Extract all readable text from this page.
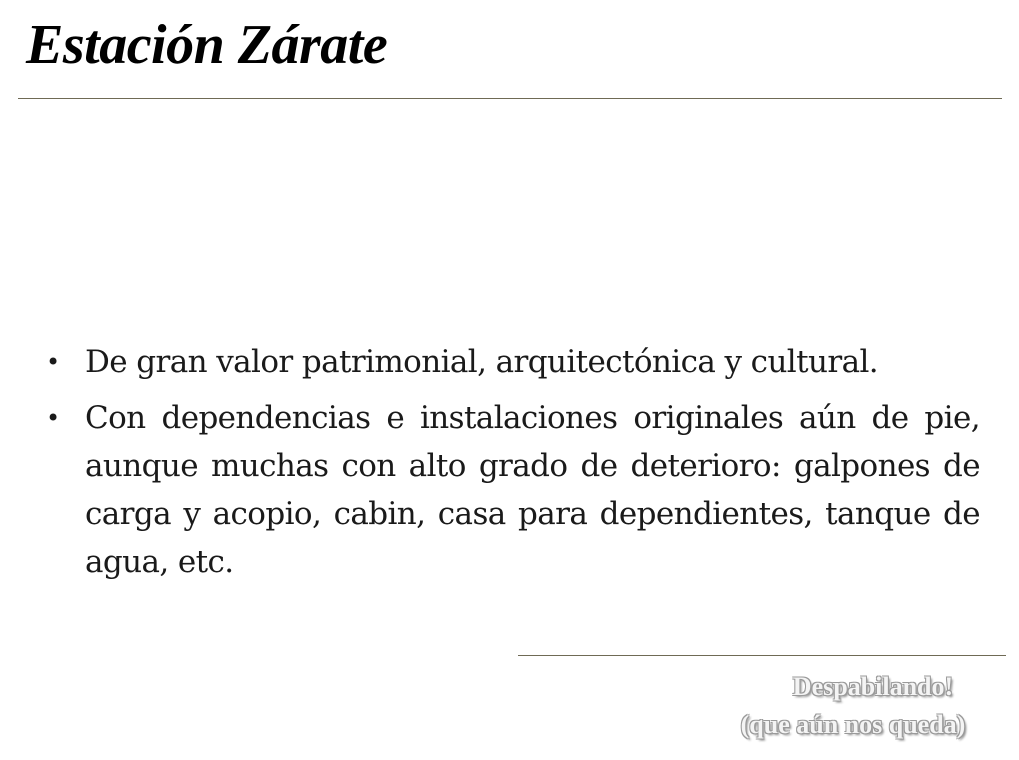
Estación Zárate
• De gran valor patrimonial, arquitectónica y cultural.
• Con dependencias e instalaciones originales aún de pie, aunque muchas con alto grado de deterioro: galpones de carga y acopio, cabin, casa para dependientes, tanque de agua, etc.
Despabilando!
(que aún nos queda)
